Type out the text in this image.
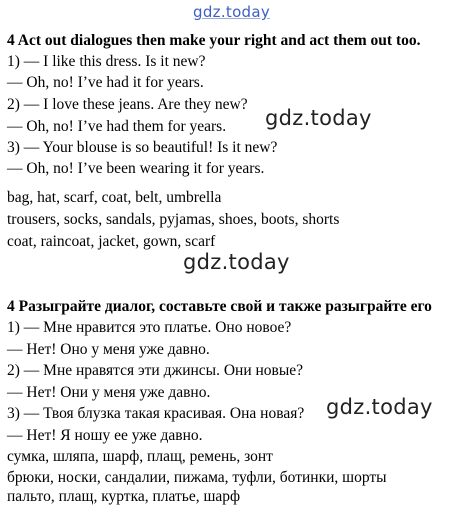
gdz.today
gdz.today
gdz.today
gdz.today
4 Act out dialogues then make your right and act them out too.
1) — I like this dress. Is it new?
— Oh, no! I’ve had it for years.
2) — I love these jeans. Are they new?
— Oh, no! I’ve had them for years.
3) — Your blouse is so beautiful! Is it new?
— Oh, no! I’ve been wearing it for years.
bag, hat, scarf, coat, belt, umbrella
trousers, socks, sandals, pyjamas, shoes, boots, shorts
coat, raincoat, jacket, gown, scarf
4 Разыграйте диалог, составьте свой и также разыграйте его
1) — Мне нравится это платье. Оно новое?
— Нет! Оно у меня уже давно.
2) — Мне нравятся эти джинсы. Они новые?
— Нет! Они у меня уже давно.
3) — Твоя блузка такая красивая. Она новая?
— Нет! Я ношу ее уже давно.
сумка, шляпа, шарф, плащ, ремень, зонт
брюки, носки, сандалии, пижама, туфли, ботинки, шорты
пальто, плащ, куртка, платье, шарф
